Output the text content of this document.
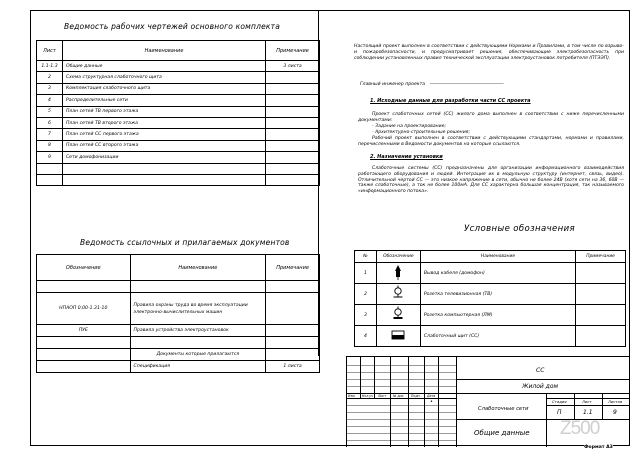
Ведомость рабочих чертежей основного комплекта
Лист	Наименование	Примечание
1.1-1.3	Общие данные	3 листа
2	Схема структурная слаботочного щита	
3	Комплектация слаботочного щита	
4	Распределительные сети	
5	План сетей ТВ первого этажа	
6	План сетей ТВ второго этажа	
7	План сетей СС первого этажа	
8	План сетей СС второго этажа	
9	Сети домофонизации	

Ведомость ссылочных и прилагаемых документов
Обозначение	Наименование	Примечание

НПАОП 0.00-1.31-10	Правила охраны труда во время эксплуатации электронно-вычислительных машин	
ПУЕ	Правила устройства электроустановок	

	Документы которые прилагаются	
	Спецификация	1 листа
Настоящий проект выполнен в соответствии с действующими Нормами и Правилами, в том числе по взрыво- и пожаробезопасности, и предусматривает решения, обеспечивающие электробезопасность при соблюдении установленных правил технической эксплуатации электроустановок потребителя (ПТЭЭП).
Главный инженер проекта ________________________________
1. Исходные данные для разработки части СС проекта
Проект слаботочных сетей (СС) жилого дома выполнен в соответствии с ниже перечисленными документами:
- Задание на проектирование;
- Архитектурно-строительные решения;
Рабочий проект выполнен в соответствии с действующими стандартами, нормами и правилами, перечисленными в Ведомости документов на которые ссылаются.
2. Назначение установки
Слаботочные системы (СС) предназначены для организации информационного взаимодействия работающего оборудования и людей. Интеграция их в модульную структуру (интернет, связь, видео). Отличительной чертой СС — это низкое напряжение в сети, обычно не более 24В (хотя сети на 36, 60В — также слаботочные), а ток не более 100мА. Для СС характерна большая концентрация, так называемого «информационного потока».
Условные обозначения
№	Обозначение	Наименование	Примечание
1		Вывод кабеля (домофон)	
2		Розетка телевизионная (ТВ)	
3		Розетка компьютерная (ЛМ)	
4		Слаботочный щит (СС)	
Изм. Кол.уч Лист № док. Подп. Дата
СС
Жилой дом
Слаботочные сети
•
Общие данные
Стадия	Лист	Листов
П	1.1	9
Z500
Формат А3
